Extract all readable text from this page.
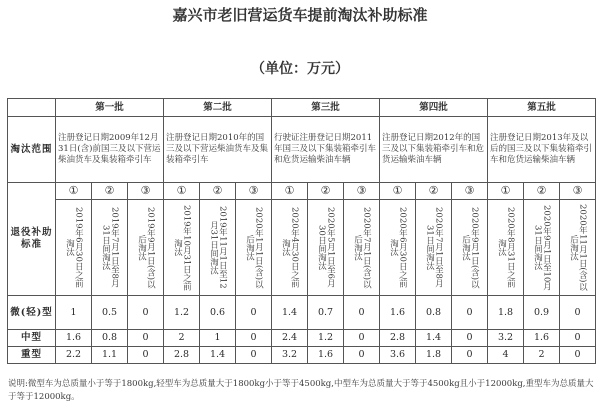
嘉兴市老旧营运货车提前淘汰补助标准
（单位：万元）
	第一批			第二批			第三批			第四批			第五批		
淘汰范围	注册登记日期2009年12月31日(含)前国三及以下营运柴油货车及集装箱牵引车			注册登记日期2010年的国三及以下营运柴油货车及集装箱牵引车			行驶证注册登记日期2011年国三及以下集装箱牵引车和危货运输柴油车辆			注册登记日期2012年的国三及以下集装箱牵引车和危货运输柴油车辆			注册登记日期2013年及以后的国三及以下集装箱牵引车和危货运输柴油车辆		
退役补助标准	①	②	③	①	②	③	①	②	③	①	②	③	①	②	③

	2019年6月30日之前淘汰	2019年7月1日至8月31日间淘汰	2019年9月1日(含)以后淘汰	2019年10月31日之前淘汰	2019年11月1日至12月31日间淘汰	2020年1月1日(含)以后淘汰	2020年4月30日之前淘汰	2020年5月1日至6月30日间淘汰	2020年7月1日(含)以后淘汰	2020年6月30日之前淘汰	2020年7月1日至8月31日间淘汰	2020年9月1日(含)以后淘汰	2020年8月31日之前淘汰	2020年9月1日至10月31日间淘汰	2020年11月1日(含)以后淘汰

微(轻)型	1	0.5	0	1.2	0.6	0	1.4	0.7	0	1.6	0.8	0	1.8	0.9	0
中型	1.6	0.8	0	2	1	0	2.4	1.2	0	2.8	1.4	0	3.2	1.6	0
重型	2.2	1.1	0	2.8	1.4	0	3.2	1.6	0	3.6	1.8	0	4	2	0
说明:微型车为总质量小于等于1800kg,轻型车为总质量大于1800kg小于等于4500kg,中型车为总质量大于等于4500kg且小于12000kg,重型车为总质量大于等于12000kg。
